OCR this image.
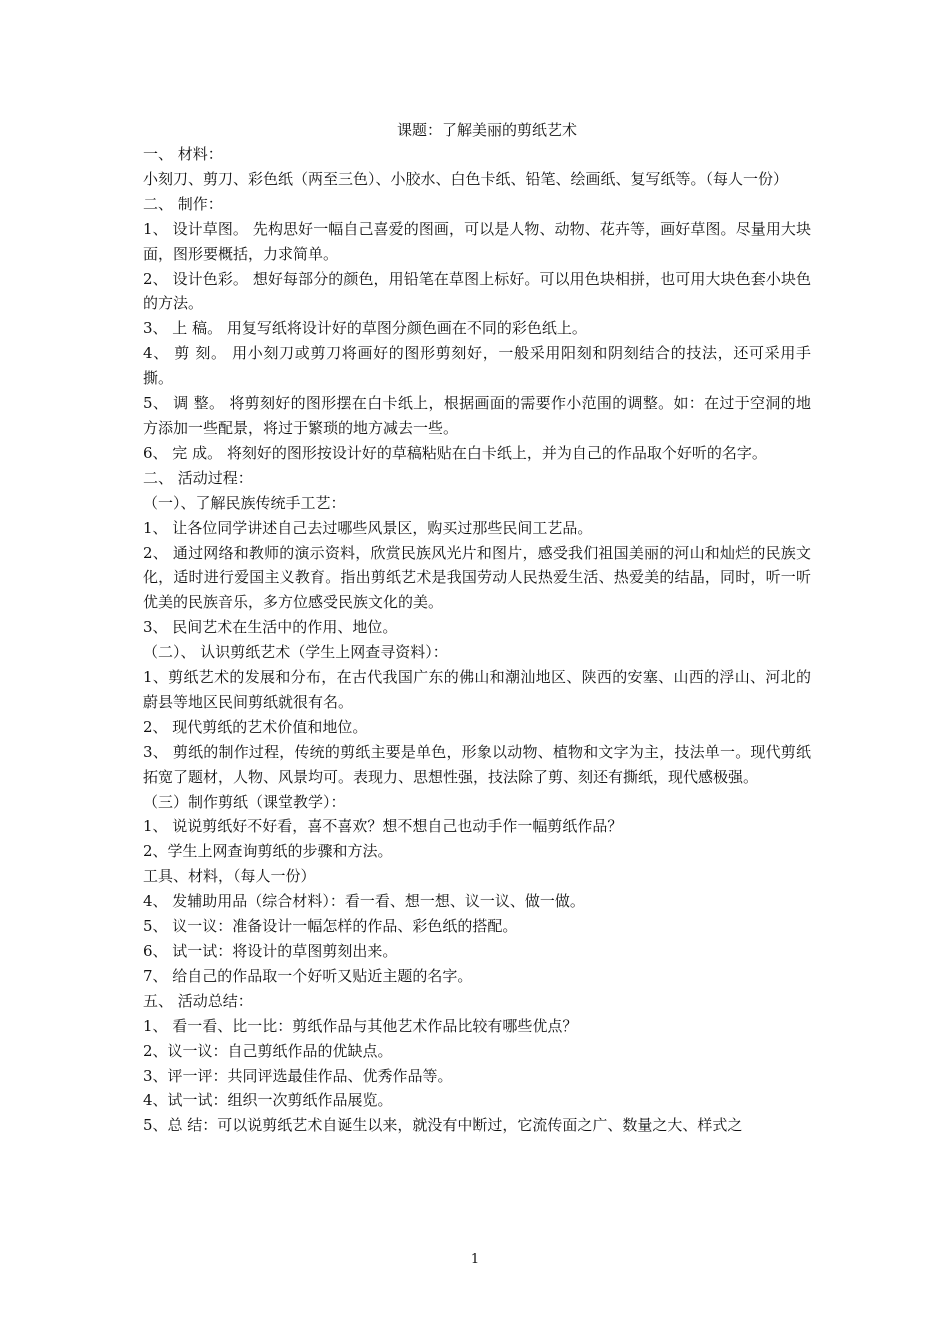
课题：了解美丽的剪纸艺术

一、 材料：

小刻刀、剪刀、彩色纸（两至三色）、小胶水、白色卡纸、铅笔、绘画纸、复写纸等。（每人一份）

二、 制作：

1、 设计草图。 先构思好一幅自己喜爱的图画，可以是人物、动物、花卉等，画好草图。尽量用大块面，图形要概括，力求简单。

2、 设计色彩。 想好每部分的颜色，用铅笔在草图上标好。可以用色块相拼，也可用大块色套小块色的方法。

3、 上 稿。 用复写纸将设计好的草图分颜色画在不同的彩色纸上。

4、 剪 刻。 用小刻刀或剪刀将画好的图形剪刻好，一般采用阳刻和阴刻结合的技法，还可采用手撕。

5、 调 整。 将剪刻好的图形摆在白卡纸上，根据画面的需要作小范围的调整。如：在过于空洞的地方添加一些配景，将过于繁琐的地方减去一些。

6、 完 成。 将刻好的图形按设计好的草稿粘贴在白卡纸上，并为自己的作品取个好听的名字。

二、 活动过程：

（一）、了解民族传统手工艺：

1、 让各位同学讲述自己去过哪些风景区，购买过那些民间工艺品。

2、 通过网络和教师的演示资料，欣赏民族风光片和图片，感受我们祖国美丽的河山和灿烂的民族文化，适时进行爱国主义教育。指出剪纸艺术是我国劳动人民热爱生活、热爱美的结晶，同时，听一听优美的民族音乐，多方位感受民族文化的美。

3、 民间艺术在生活中的作用、地位。

（二）、 认识剪纸艺术（学生上网查寻资料）：

1、剪纸艺术的发展和分布，在古代我国广东的佛山和潮汕地区、陕西的安塞、山西的浮山、河北的蔚县等地区民间剪纸就很有名。

2、 现代剪纸的艺术价值和地位。

3、 剪纸的制作过程，传统的剪纸主要是单色，形象以动物、植物和文字为主，技法单一。现代剪纸拓宽了题材，人物、风景均可。表现力、思想性强，技法除了剪、刻还有撕纸，现代感极强。

（三）制作剪纸（课堂教学）：

1、 说说剪纸好不好看，喜不喜欢？想不想自己也动手作一幅剪纸作品？

2、学生上网查询剪纸的步骤和方法。

工具、材料，（每人一份）

4、 发辅助用品（综合材料）：看一看、想一想、议一议、做一做。

5、 议一议：准备设计一幅怎样的作品、彩色纸的搭配。

6、 试一试：将设计的草图剪刻出来。

7、 给自己的作品取一个好听又贴近主题的名字。

五、 活动总结：

1、 看一看、比一比：剪纸作品与其他艺术作品比较有哪些优点？

2、议一议：自己剪纸作品的优缺点。

3、评一评：共同评选最佳作品、优秀作品等。

4、试一试：组织一次剪纸作品展览。

5、总 结：可以说剪纸艺术自诞生以来，就没有中断过，它流传面之广、数量之大、样式之

1
